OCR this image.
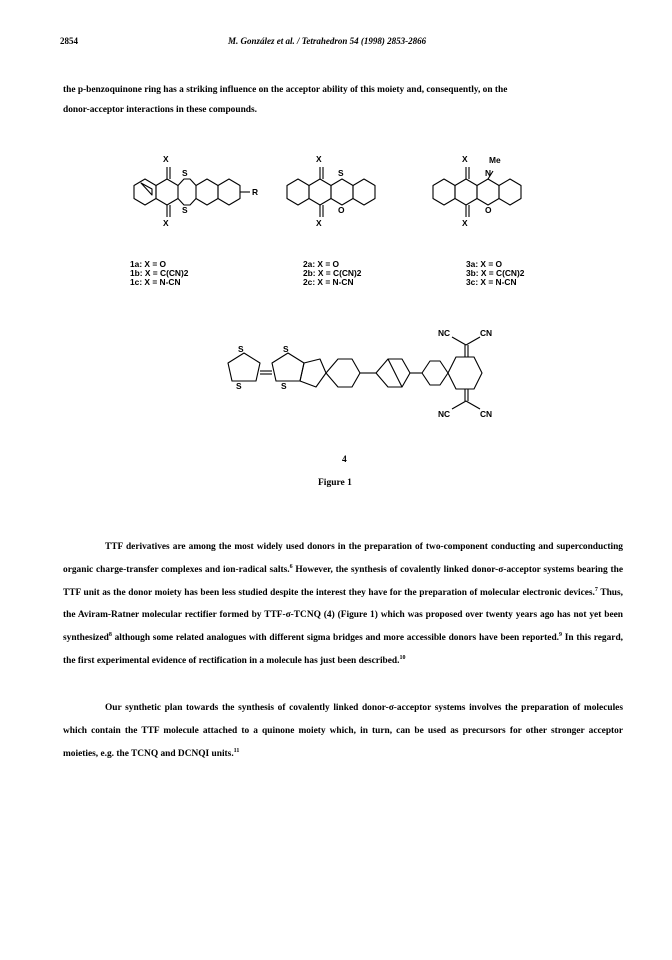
2854	M. González et al. / Tetrahedron 54 (1998) 2853-2866
the p-benzoquinone ring has a striking influence on the acceptor ability of this moiety and, consequently, on the
donor-acceptor interactions in these compounds.
X
X
S
S
R
X
X
S
O
X
X
Me
N
O
1a: X = O
1b: X = C(CN)2
1c: X = N-CN
2a: X = O
2b: X = C(CN)2
2c: X = N-CN
3a: X = O
3b: X = C(CN)2
3c: X = N-CN
S
S
S
S
NC	CN
NC	CN
4
Figure 1
TTF derivatives are among the most widely used donors in the preparation of two-component conducting and superconducting organic charge-transfer complexes and ion-radical salts.$^6$ However, the synthesis of covalently linked donor-σ-acceptor systems bearing the TTF unit as the donor moiety has been less studied despite the interest they have for the preparation of molecular electronic devices.$^7$ Thus, the Aviram-Ratner molecular rectifier formed by TTF-σ-TCNQ (4) (Figure 1) which was proposed over twenty years ago has not yet been synthesized$^8$ although some related analogues with different sigma bridges and more accessible donors have been reported.$^9$ In this regard, the first experimental evidence of rectification in a molecule has just been described.$^{10}$
Our synthetic plan towards the synthesis of covalently linked donor-σ-acceptor systems involves the preparation of molecules which contain the TTF molecule attached to a quinone moiety which, in turn, can be used as precursors for other stronger acceptor moieties, e.g. the TCNQ and DCNQI units.$^{11}$
